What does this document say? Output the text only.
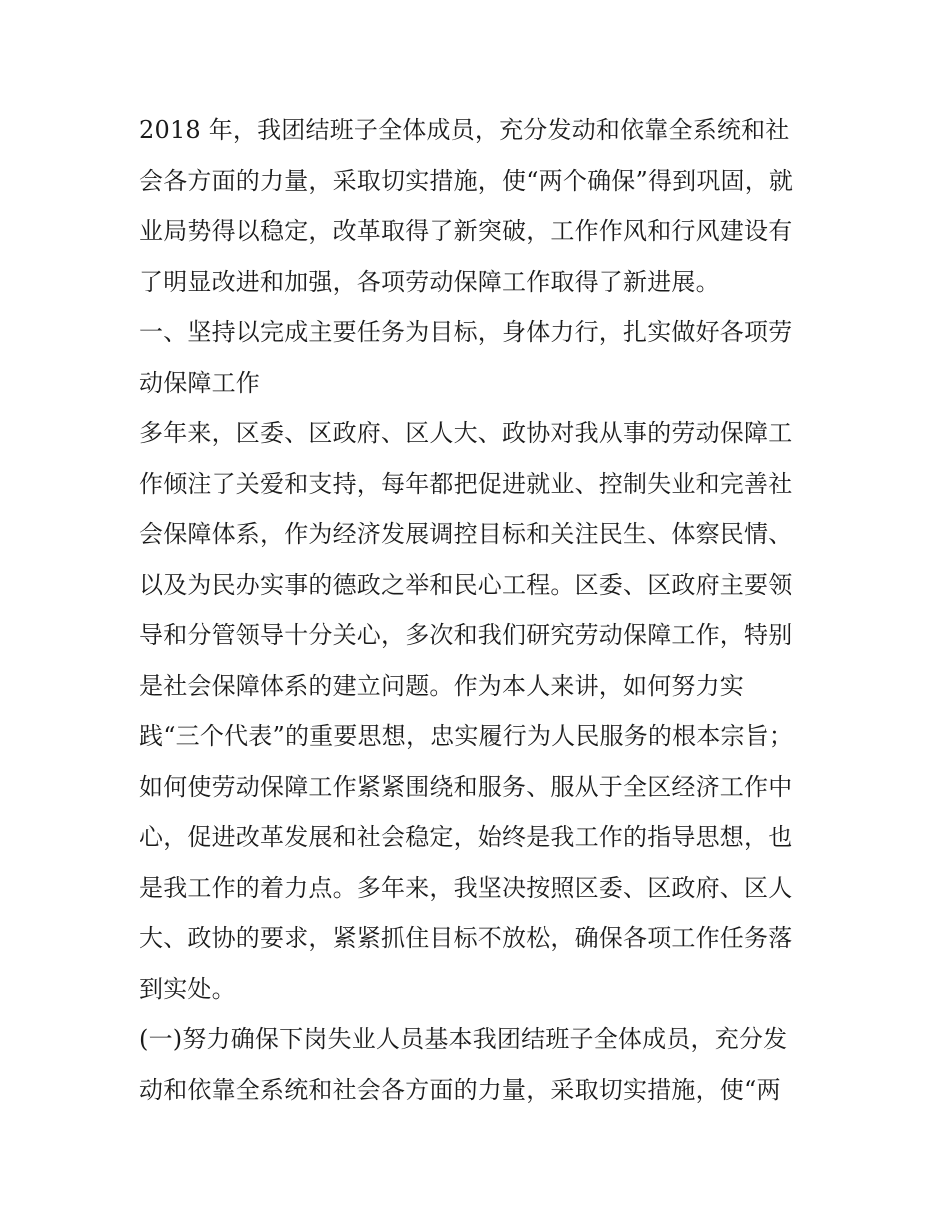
2018 年，我团结班子全体成员，充分发动和依靠全系统和社
会各方面的力量，采取切实措施，使“两个确保”得到巩固，就
业局势得以稳定，改革取得了新突破，工作作风和行风建设有
了明显改进和加强，各项劳动保障工作取得了新进展。
一、坚持以完成主要任务为目标，身体力行，扎实做好各项劳
动保障工作
多年来，区委、区政府、区人大、政协对我从事的劳动保障工
作倾注了关爱和支持，每年都把促进就业、控制失业和完善社
会保障体系，作为经济发展调控目标和关注民生、体察民情、
以及为民办实事的德政之举和民心工程。区委、区政府主要领
导和分管领导十分关心，多次和我们研究劳动保障工作，特别
是社会保障体系的建立问题。作为本人来讲，如何努力实
践“三个代表”的重要思想，忠实履行为人民服务的根本宗旨；
如何使劳动保障工作紧紧围绕和服务、服从于全区经济工作中
心，促进改革发展和社会稳定，始终是我工作的指导思想，也
是我工作的着力点。多年来，我坚决按照区委、区政府、区人
大、政协的要求，紧紧抓住目标不放松，确保各项工作任务落
到实处。
(一)努力确保下岗失业人员基本我团结班子全体成员，充分发
动和依靠全系统和社会各方面的力量，采取切实措施，使“两
